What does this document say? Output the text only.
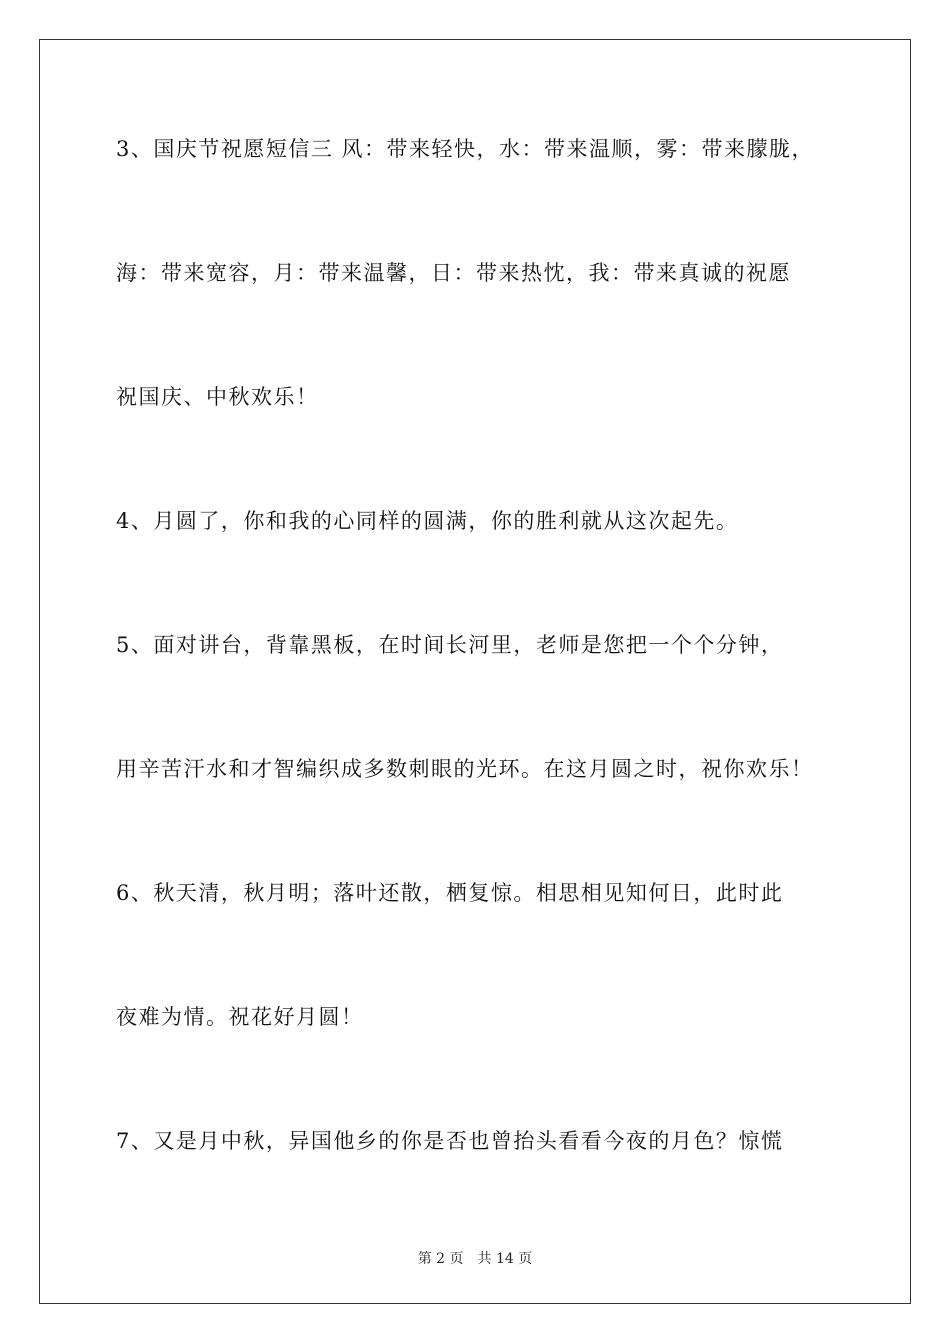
3、国庆节祝愿短信三 风：带来轻快，水：带来温顺，雾：带来朦胧，
海：带来宽容，月：带来温馨，日：带来热忱，我：带来真诚的祝愿
祝国庆、中秋欢乐！
4、月圆了，你和我的心同样的圆满，你的胜利就从这次起先。
5、面对讲台，背靠黑板，在时间长河里，老师是您把一个个分钟，
用辛苦汗水和才智编织成多数刺眼的光环。在这月圆之时，祝你欢乐！
6、秋天清，秋月明；落叶还散，栖复惊。相思相见知何日，此时此
夜难为情。祝花好月圆！
7、又是月中秋，异国他乡的你是否也曾抬头看看今夜的月色？惊慌
第 2 页 共 14 页
